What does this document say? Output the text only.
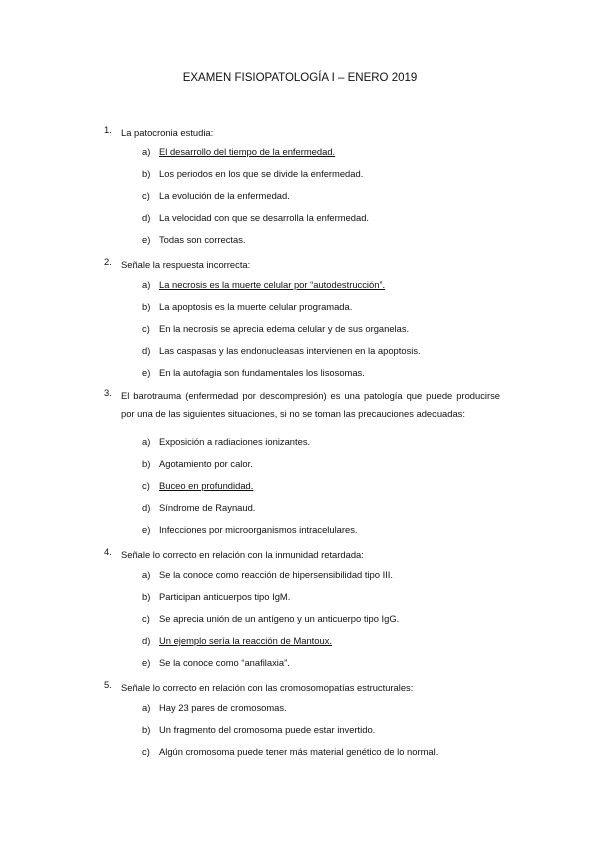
EXAMEN FISIOPATOLOGÍA I – ENERO 2019
1. La patocronia estudia:
a) El desarrollo del tiempo de la enfermedad.
b) Los periodos en los que se divide la enfermedad.
c) La evolución de la enfermedad.
d) La velocidad con que se desarrolla la enfermedad.
e) Todas son correctas.
2. Señale la respuesta incorrecta:
a) La necrosis es la muerte celular por “autodestrucción”.
b) La apoptosis es la muerte celular programada.
c) En la necrosis se aprecia edema celular y de sus organelas.
d) Las caspasas y las endonucleasas intervienen en la apoptosis.
e) En la autofagia son fundamentales los lisosomas.
3. El barotrauma (enfermedad por descompresión) es una patología que puede producirse por una de las siguientes situaciones, si no se toman las precauciones adecuadas:
a) Exposición a radiaciones ionizantes.
b) Agotamiento por calor.
c) Buceo en profundidad.
d) Síndrome de Raynaud.
e) Infecciones por microorganismos intracelulares.
4. Señale lo correcto en relación con la inmunidad retardada:
a) Se la conoce como reacción de hipersensibilidad tipo III.
b) Participan anticuerpos tipo IgM.
c) Se aprecia unión de un antígeno y un anticuerpo tipo IgG.
d) Un ejemplo sería la reacción de Mantoux.
e) Se la conoce como “anafilaxia”.
5. Señale lo correcto en relación con las cromosomopatías estructurales:
a) Hay 23 pares de cromosomas.
b) Un fragmento del cromosoma puede estar invertido.
c) Algún cromosoma puede tener más material genético de lo normal.
